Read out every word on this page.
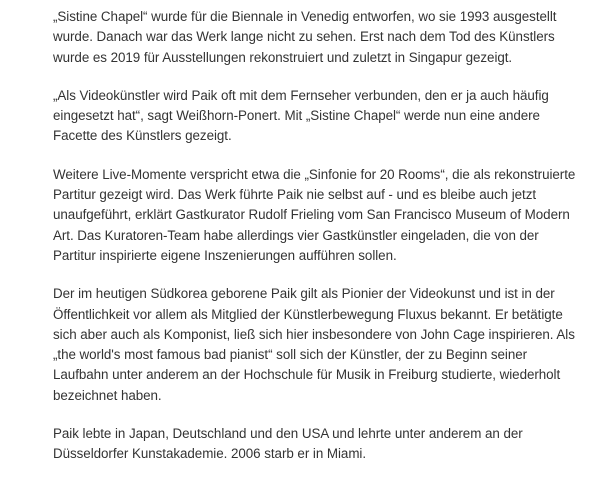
„Sistine Chapel“ wurde für die Biennale in Venedig entworfen, wo sie 1993 ausgestellt
wurde. Danach war das Werk lange nicht zu sehen. Erst nach dem Tod des Künstlers
wurde es 2019 für Ausstellungen rekonstruiert und zuletzt in Singapur gezeigt.

„Als Videokünstler wird Paik oft mit dem Fernseher verbunden, den er ja auch häufig
eingesetzt hat“, sagt Weißhorn-Ponert. Mit „Sistine Chapel“ werde nun eine andere
Facette des Künstlers gezeigt.

Weitere Live-Momente verspricht etwa die „Sinfonie for 20 Rooms“, die als rekonstruierte
Partitur gezeigt wird. Das Werk führte Paik nie selbst auf - und es bleibe auch jetzt
unaufgeführt, erklärt Gastkurator Rudolf Frieling vom San Francisco Museum of Modern
Art. Das Kuratoren-Team habe allerdings vier Gastkünstler eingeladen, die von der
Partitur inspirierte eigene Inszenierungen aufführen sollen.

Der im heutigen Südkorea geborene Paik gilt als Pionier der Videokunst und ist in der
Öffentlichkeit vor allem als Mitglied der Künstlerbewegung Fluxus bekannt. Er betätigte
sich aber auch als Komponist, ließ sich hier insbesondere von John Cage inspirieren. Als
„the world's most famous bad pianist“ soll sich der Künstler, der zu Beginn seiner
Laufbahn unter anderem an der Hochschule für Musik in Freiburg studierte, wiederholt
bezeichnet haben.

Paik lebte in Japan, Deutschland und den USA und lehrte unter anderem an der
Düsseldorfer Kunstakademie. 2006 starb er in Miami.
